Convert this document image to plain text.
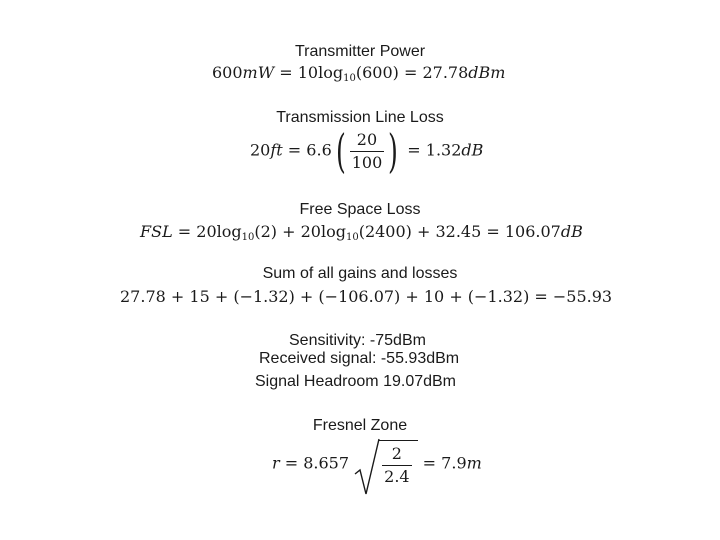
Transmitter Power
$600mW = 10\log_{10}(600) = 27.78dBm$
Transmission Line Loss
$20ft = 6.6( \frac{20}{100}$ ) = 1.32dB
Free Space Loss
FSL = $20\log_{10}(2) + 20\log_{10}(2400) + 32.45 = 106.07dB$
Sum of all gains and losses
27.78 + 15 + (−1.32) + (−106.07) + 10 + (−1.32) = −55.93
Sensitivity: -75dBm
Received signal: -55.93dBm
Signal Headroom 19.07dBm
Fresnel Zone
$r = 8.657 \frac{2}{2.4} = 7.9m$
